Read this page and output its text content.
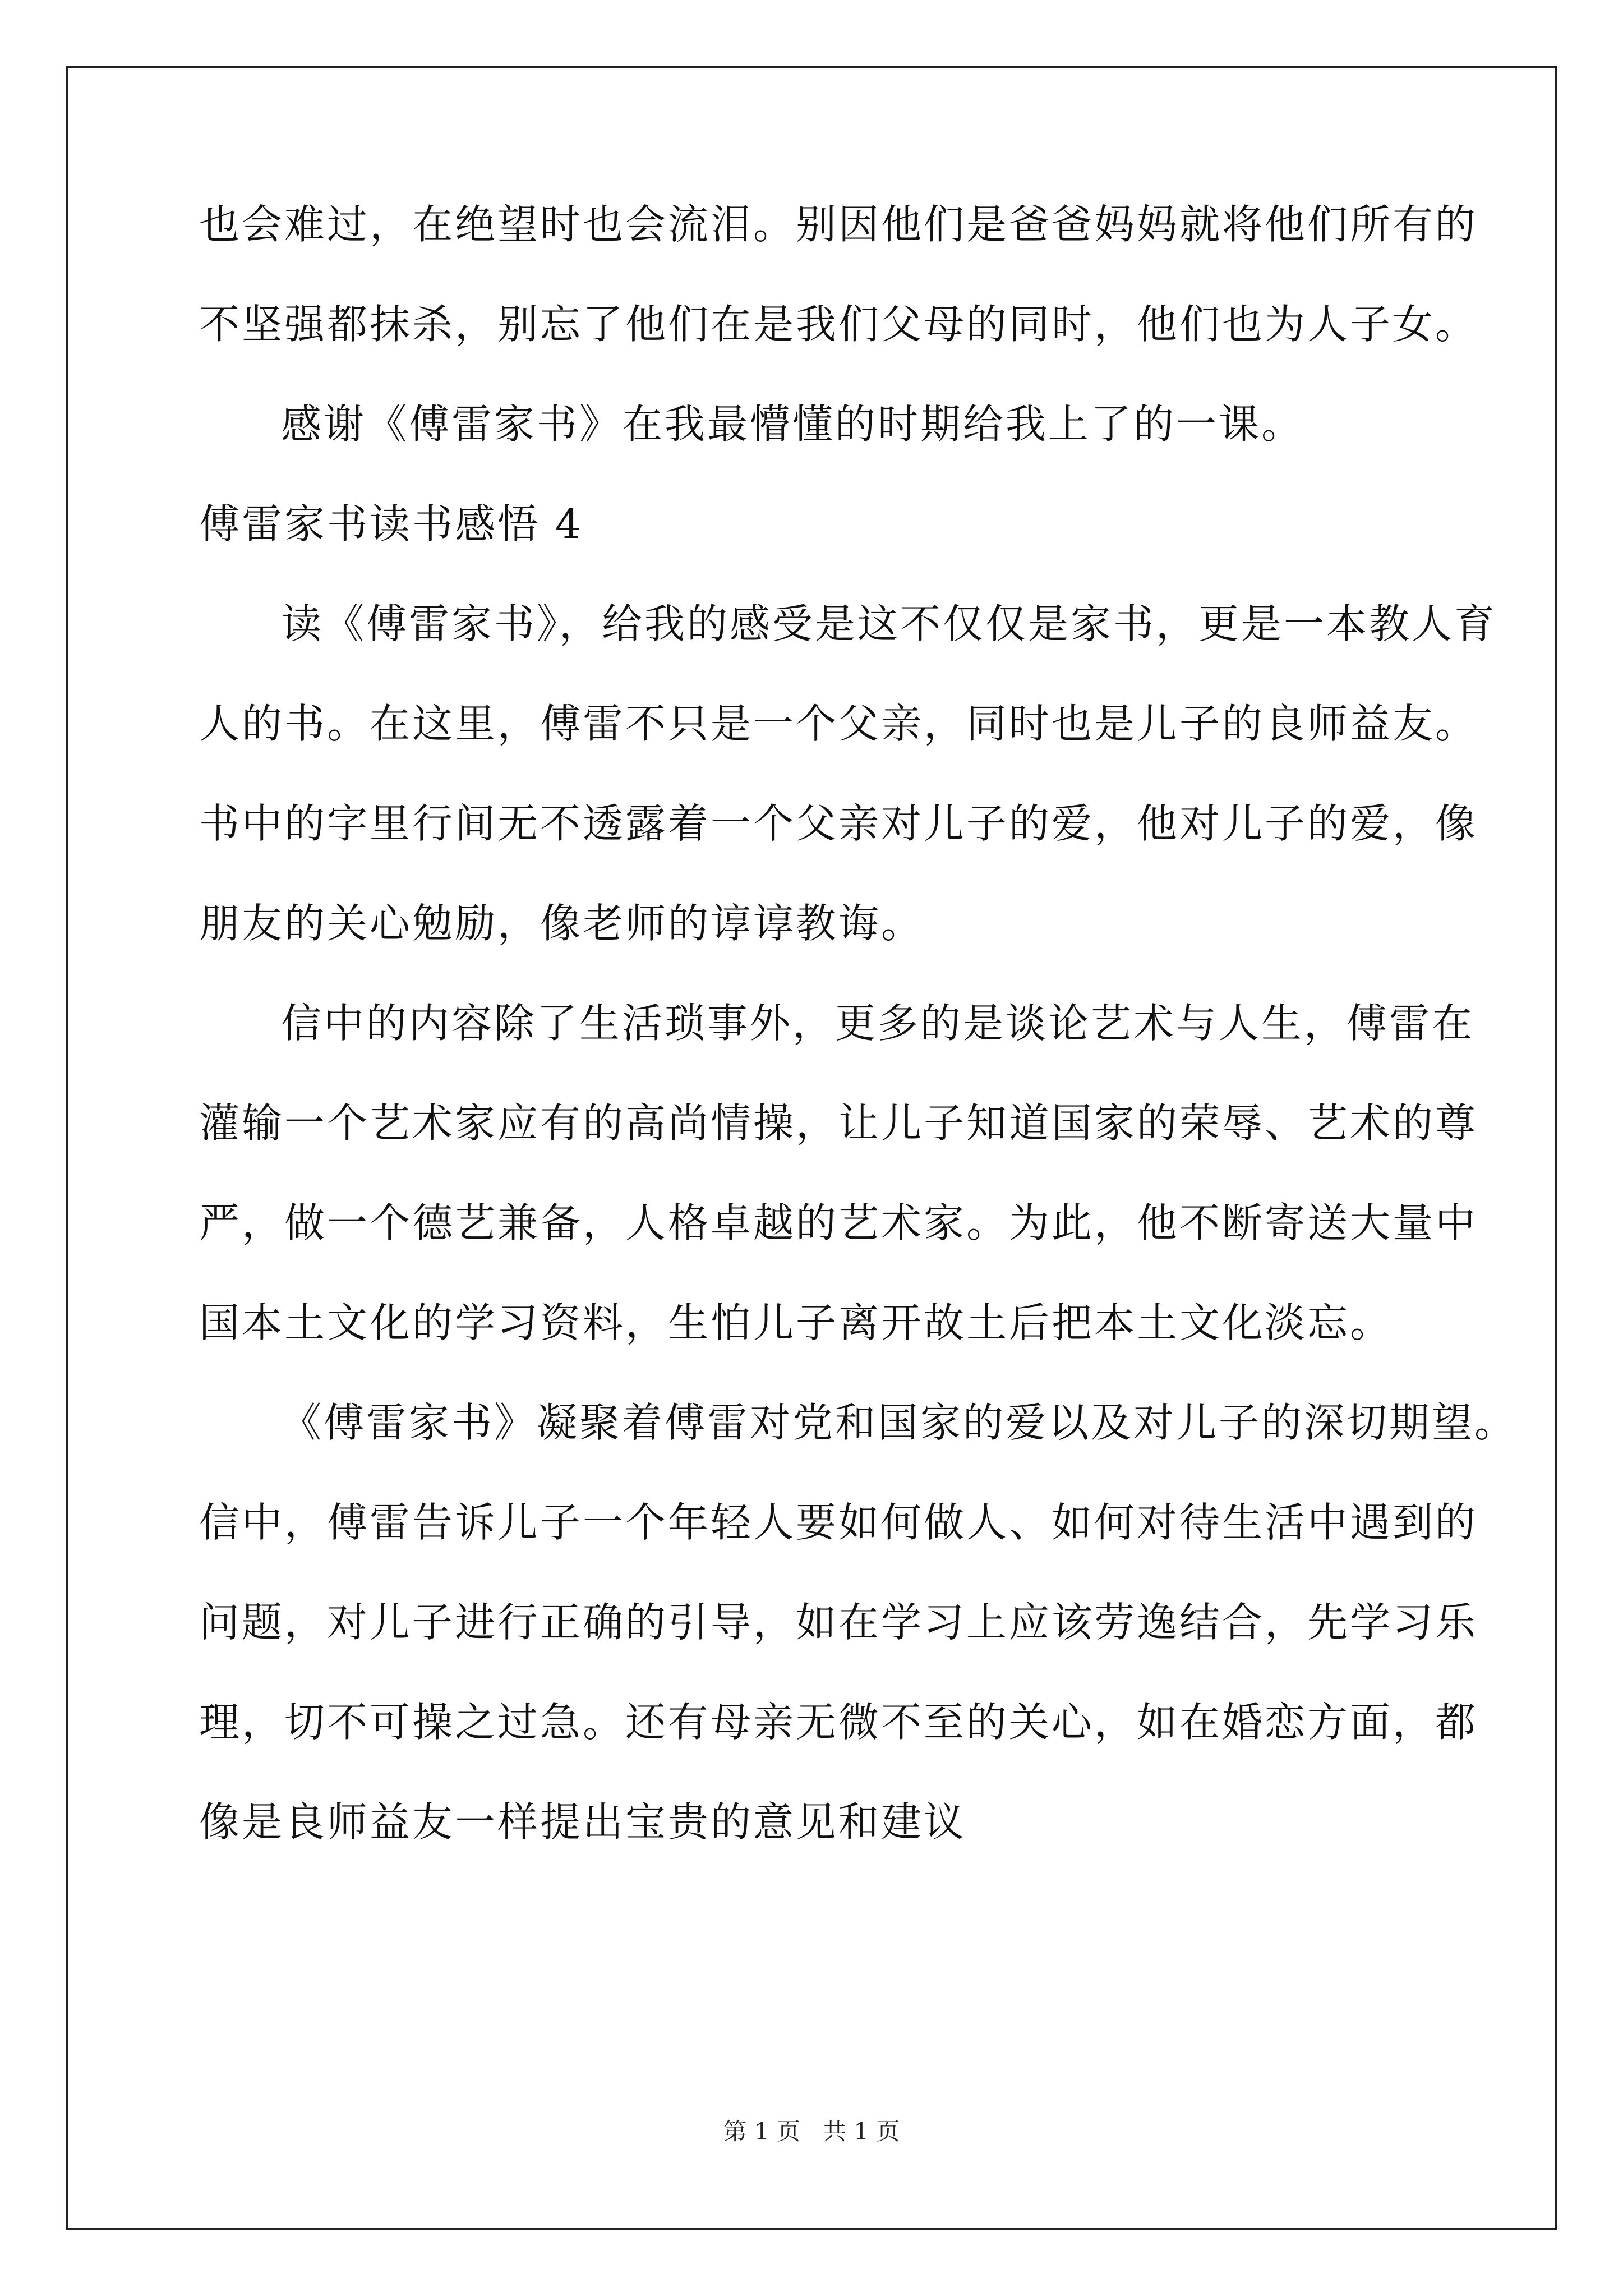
也会难过，在绝望时也会流泪。别因他们是爸爸妈妈就将他们所有的
不坚强都抹杀，别忘了他们在是我们父母的同时，他们也为人子女。
感谢《傅雷家书》在我最懵懂的时期给我上了的一课。
傅雷家书读书感悟 4
读《傅雷家书》，给我的感受是这不仅仅是家书，更是一本教人育
人的书。在这里，傅雷不只是一个父亲，同时也是儿子的良师益友。
书中的字里行间无不透露着一个父亲对儿子的爱，他对儿子的爱，像
朋友的关心勉励，像老师的谆谆教诲。
信中的内容除了生活琐事外，更多的是谈论艺术与人生，傅雷在
灌输一个艺术家应有的高尚情操，让儿子知道国家的荣辱、艺术的尊
严，做一个德艺兼备，人格卓越的艺术家。为此，他不断寄送大量中
国本土文化的学习资料，生怕儿子离开故土后把本土文化淡忘。
《傅雷家书》凝聚着傅雷对党和国家的爱以及对儿子的深切期望。
信中，傅雷告诉儿子一个年轻人要如何做人、如何对待生活中遇到的
问题，对儿子进行正确的引导，如在学习上应该劳逸结合，先学习乐
理，切不可操之过急。还有母亲无微不至的关心，如在婚恋方面，都
像是良师益友一样提出宝贵的意见和建议
第 1 页 共 1 页
